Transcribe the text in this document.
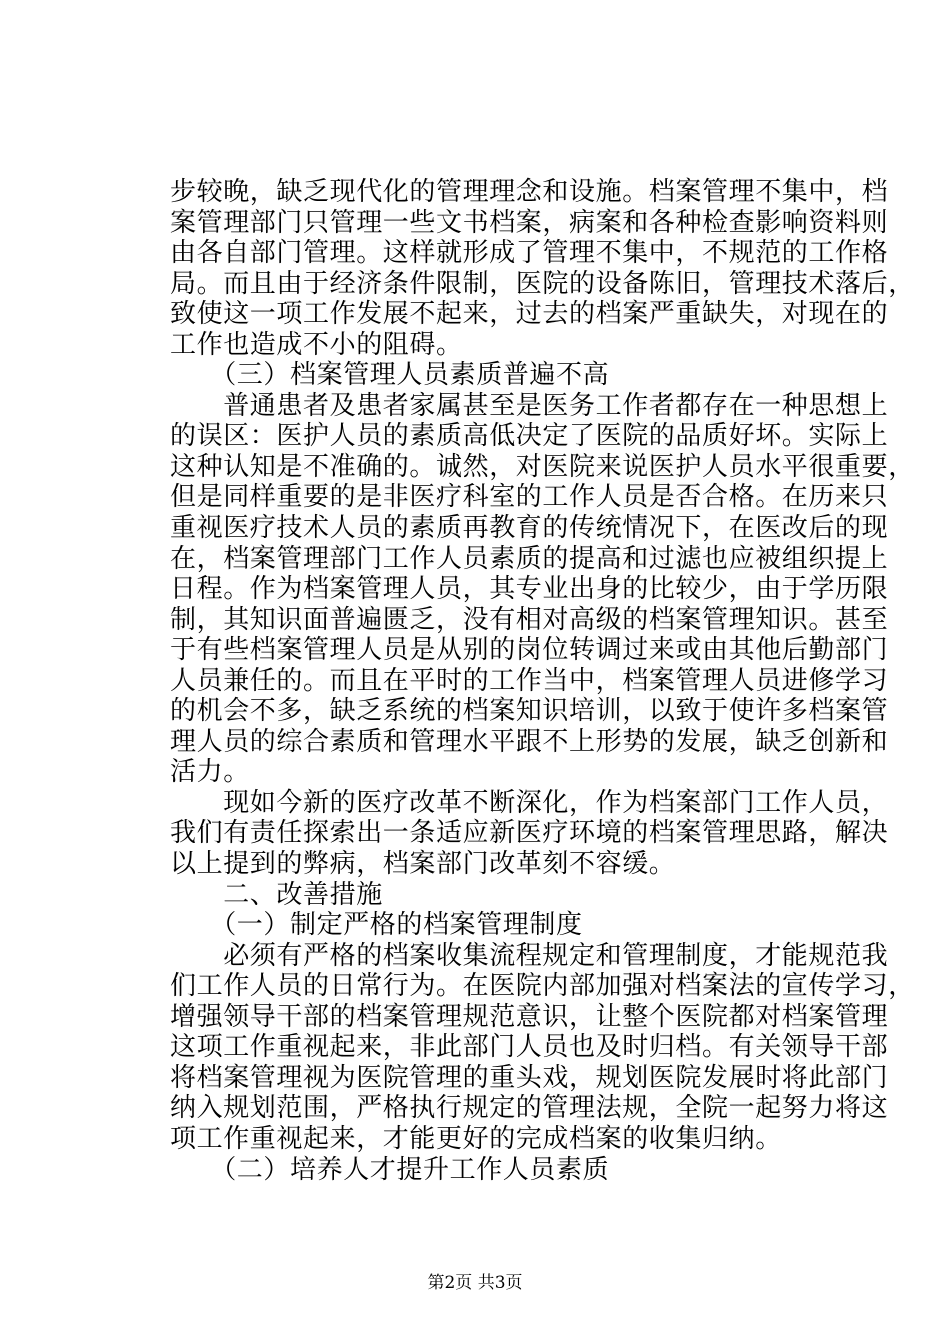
步较晚，缺乏现代化的管理理念和设施。档案管理不集中，档
案管理部门只管理一些文书档案，病案和各种检查影响资料则
由各自部门管理。这样就形成了管理不集中，不规范的工作格
局。而且由于经济条件限制，医院的设备陈旧，管理技术落后，
致使这一项工作发展不起来，过去的档案严重缺失，对现在的
工作也造成不小的阻碍。
　　（三）档案管理人员素质普遍不高
　　普通患者及患者家属甚至是医务工作者都存在一种思想上
的误区：医护人员的素质高低决定了医院的品质好坏。实际上
这种认知是不准确的。诚然，对医院来说医护人员水平很重要，
但是同样重要的是非医疗科室的工作人员是否合格。在历来只
重视医疗技术人员的素质再教育的传统情况下，在医改后的现
在，档案管理部门工作人员素质的提高和过滤也应被组织提上
日程。作为档案管理人员，其专业出身的比较少，由于学历限
制，其知识面普遍匮乏，没有相对高级的档案管理知识。甚至
于有些档案管理人员是从别的岗位转调过来或由其他后勤部门
人员兼任的。而且在平时的工作当中，档案管理人员进修学习
的机会不多，缺乏系统的档案知识培训，以致于使许多档案管
理人员的综合素质和管理水平跟不上形势的发展，缺乏创新和
活力。
　　现如今新的医疗改革不断深化，作为档案部门工作人员，
我们有责任探索出一条适应新医疗环境的档案管理思路，解决
以上提到的弊病，档案部门改革刻不容缓。
　　二、改善措施
　　（一）制定严格的档案管理制度
　　必须有严格的档案收集流程规定和管理制度，才能规范我
们工作人员的日常行为。在医院内部加强对档案法的宣传学习，
增强领导干部的档案管理规范意识，让整个医院都对档案管理
这项工作重视起来，非此部门人员也及时归档。有关领导干部
将档案管理视为医院管理的重头戏，规划医院发展时将此部门
纳入规划范围，严格执行规定的管理法规，全院一起努力将这
项工作重视起来，才能更好的完成档案的收集归纳。
　　（二）培养人才提升工作人员素质
第2页 共3页
